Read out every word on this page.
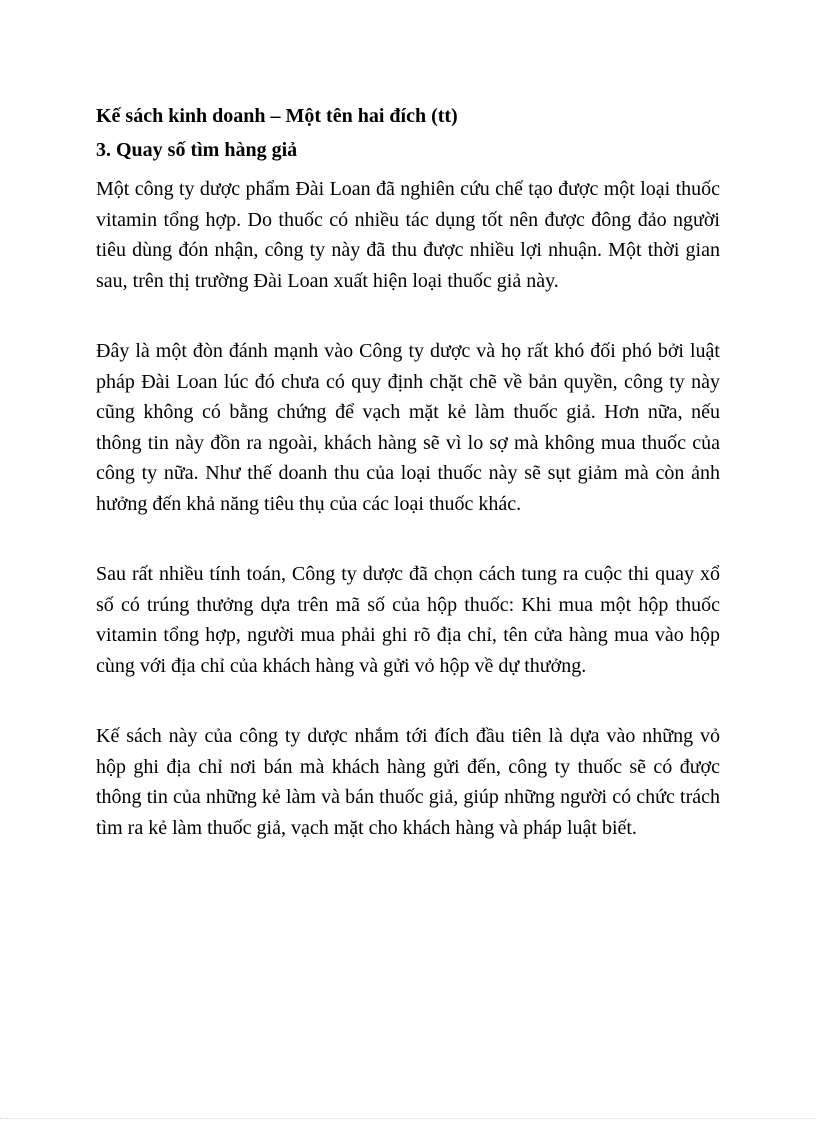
Kế sách kinh doanh – Một tên hai đích (tt)

3. Quay số tìm hàng giả

Một công ty dược phẩm Đài Loan đã nghiên cứu chế tạo được một loại thuốc vitamin tổng hợp. Do thuốc có nhiều tác dụng tốt nên được đông đảo người tiêu dùng đón nhận, công ty này đã thu được nhiều lợi nhuận. Một thời gian sau, trên thị trường Đài Loan xuất hiện loại thuốc giả này.

Đây là một đòn đánh mạnh vào Công ty dược và họ rất khó đối phó bởi luật pháp Đài Loan lúc đó chưa có quy định chặt chẽ về bản quyền, công ty này cũng không có bằng chứng để vạch mặt kẻ làm thuốc giả. Hơn nữa, nếu thông tin này đồn ra ngoài, khách hàng sẽ vì lo sợ mà không mua thuốc của công ty nữa. Như thế doanh thu của loại thuốc này sẽ sụt giảm mà còn ảnh hưởng đến khả năng tiêu thụ của các loại thuốc khác.

Sau rất nhiều tính toán, Công ty dược đã chọn cách tung ra cuộc thi quay xổ số có trúng thưởng dựa trên mã số của hộp thuốc: Khi mua một hộp thuốc vitamin tổng hợp, người mua phải ghi rõ địa chỉ, tên cửa hàng mua vào hộp cùng với địa chỉ của khách hàng và gửi vỏ hộp về dự thưởng.

Kế sách này của công ty dược nhắm tới đích đầu tiên là dựa vào những vỏ hộp ghi địa chỉ nơi bán mà khách hàng gửi đến, công ty thuốc sẽ có được thông tin của những kẻ làm và bán thuốc giả, giúp những người có chức trách tìm ra kẻ làm thuốc giả, vạch mặt cho khách hàng và pháp luật biết.
